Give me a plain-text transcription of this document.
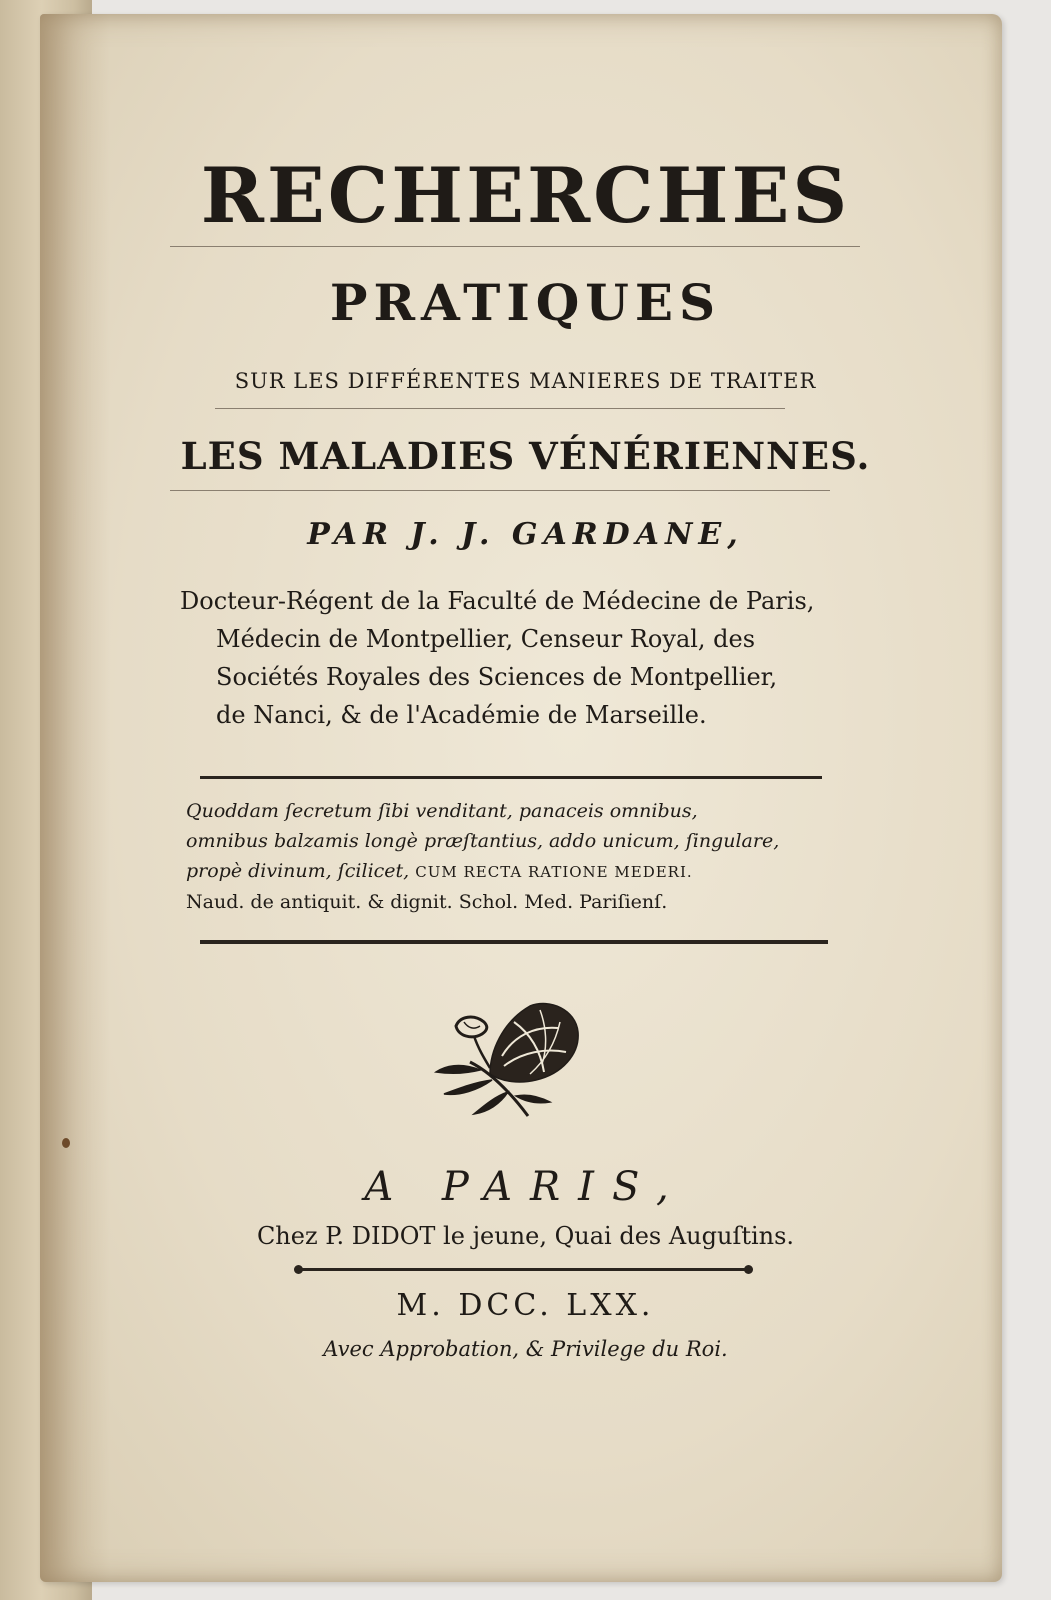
RECHERCHES
PRATIQUES

SUR LES DIFFÉRENTES MANIERES DE TRAITER

LES MALADIES VÉNÉRIENNES.

PAR J. J. GARDANE,

Docteur-Régent de la Faculté de Médecine de Paris,
Médecin de Montpellier, Censeur Royal, des
Sociétés Royales des Sciences de Montpellier,
de Nanci, & de l'Académie de Marseille.
Quoddam ſecretum ſibi venditant, panaceis omnibus,
omnibus balzamis longè præſtantius, addo unicum, ſingulare,
propè divinum, ſcilicet, CUM RECTA RATIONE MEDERI.
Naud. de antiquit. & dignit. Schol. Med. Pariſienſ.

A PARIS,

Chez P. DIDOT le jeune, Quai des Auguſtins.

M. DCC. LXX.

Avec Approbation, & Privilege du Roi.
